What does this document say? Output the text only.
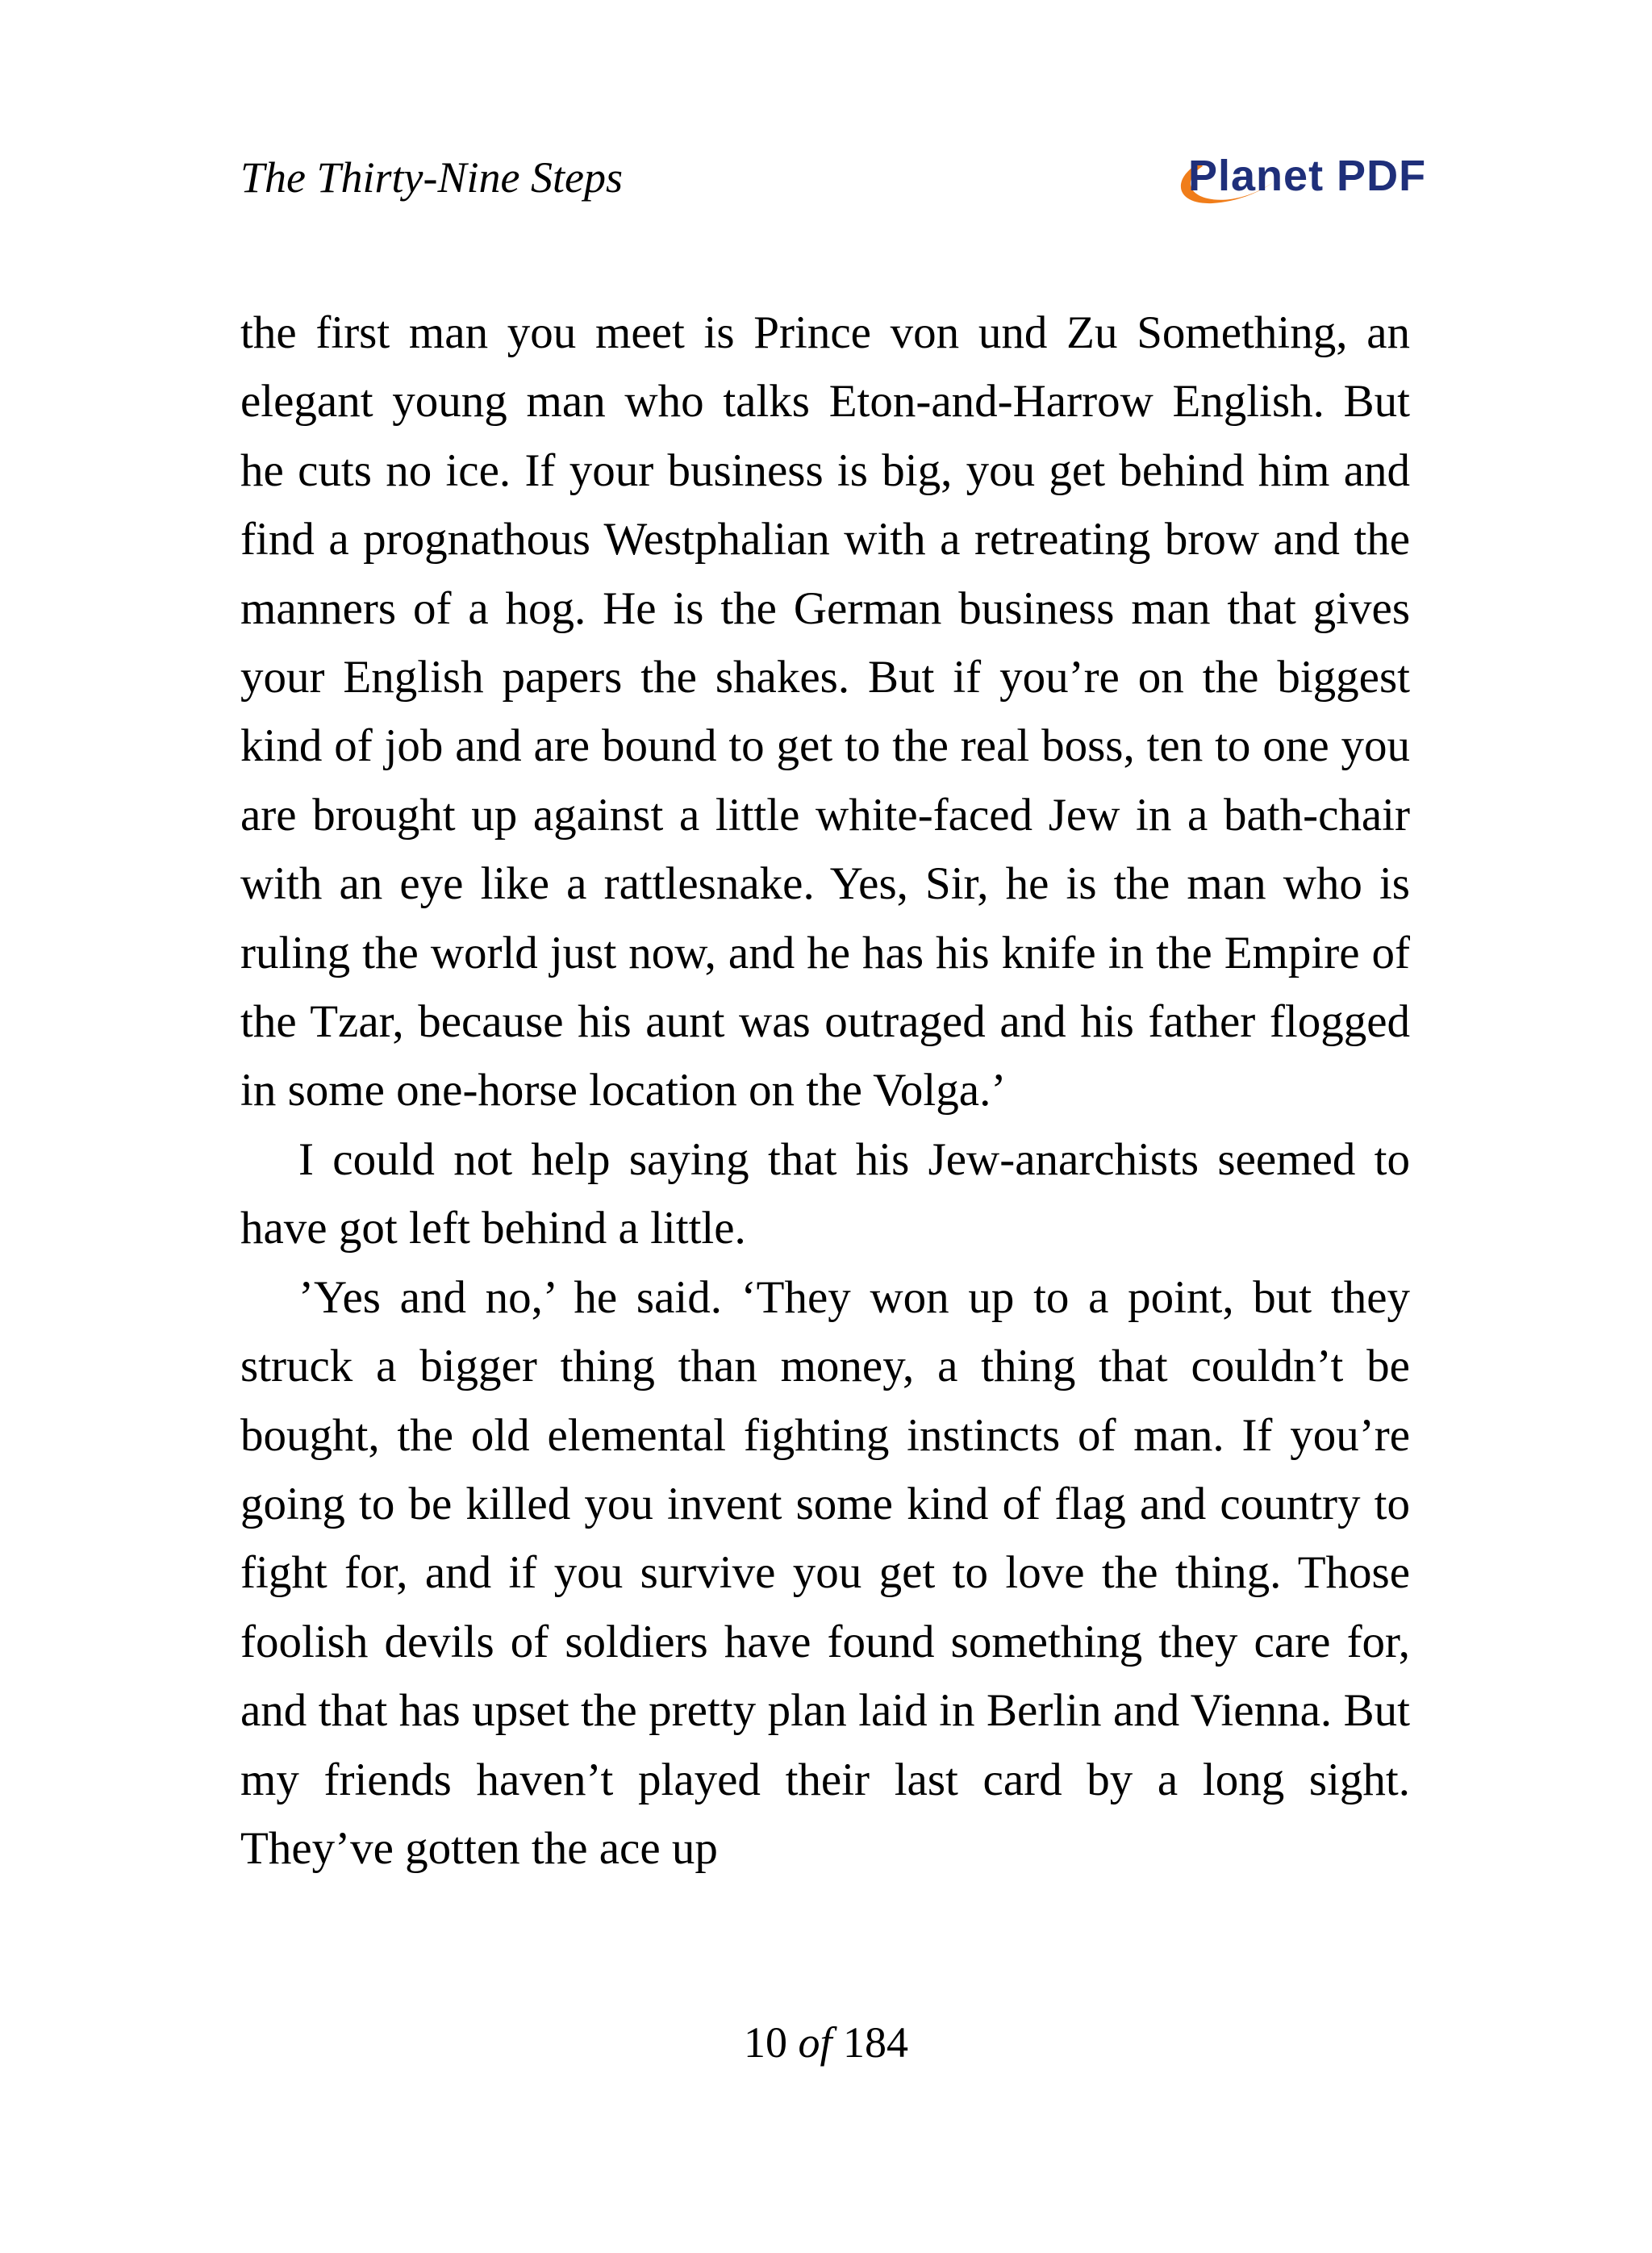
The Thirty-Nine Steps	Planet PDF

the first man you meet is Prince von und Zu Something, an elegant young man who talks Eton-and-Harrow English. But he cuts no ice. If your business is big, you get behind him and find a prognathous Westphalian with a retreating brow and the manners of a hog. He is the German business man that gives your English papers the shakes. But if you’re on the biggest kind of job and are bound to get to the real boss, ten to one you are brought up against a little white-faced Jew in a bath-chair with an eye like a rattlesnake. Yes, Sir, he is the man who is ruling the world just now, and he has his knife in the Empire of the Tzar, because his aunt was outraged and his father flogged in some one-horse location on the Volga.’

I could not help saying that his Jew-anarchists seemed to have got left behind a little.

’Yes and no,’ he said. ‘They won up to a point, but they struck a bigger thing than money, a thing that couldn’t be bought, the old elemental fighting instincts of man. If you’re going to be killed you invent some kind of flag and country to fight for, and if you survive you get to love the thing. Those foolish devils of soldiers have found something they care for, and that has upset the pretty plan laid in Berlin and Vienna. But my friends haven’t played their last card by a long sight. They’ve gotten the ace up

10 of 184
